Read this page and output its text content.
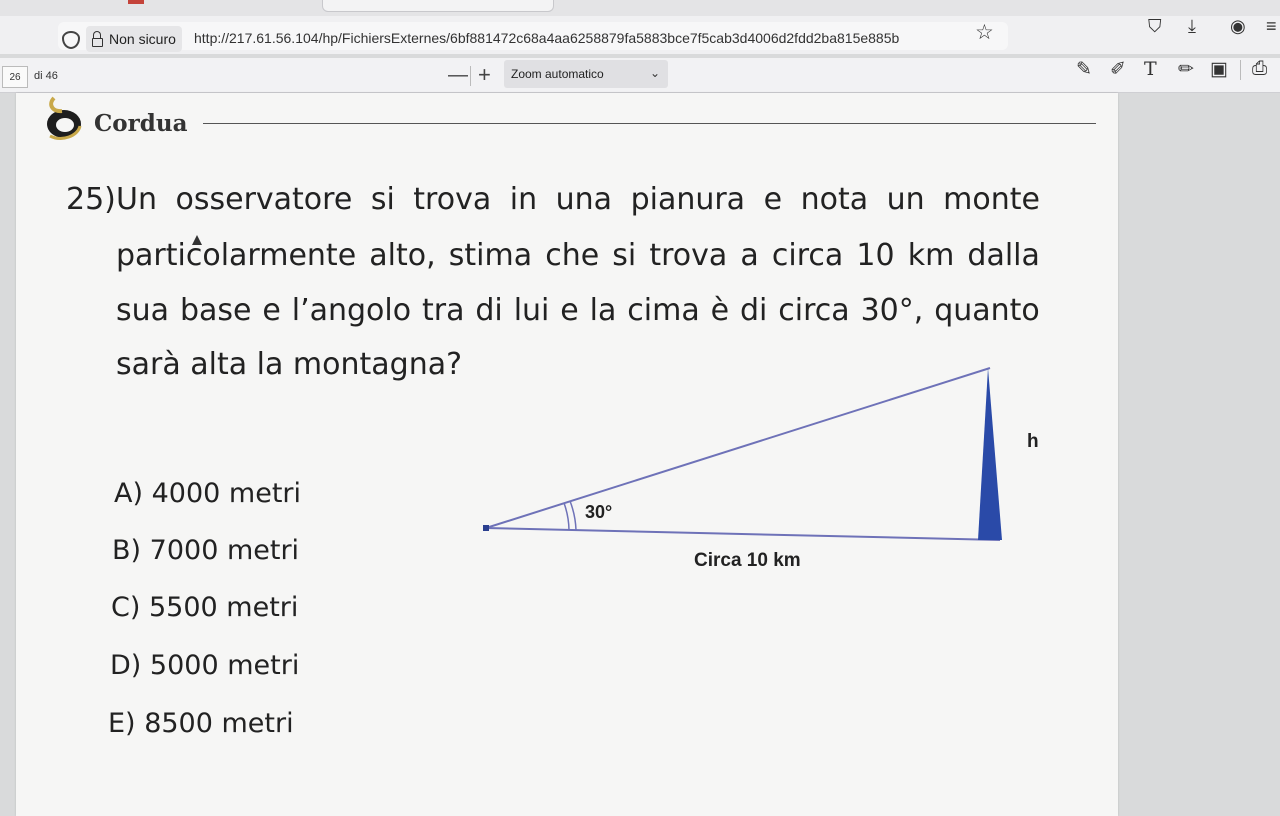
Non sicuro http://217.61.56.104/hp/FichiersExternes/6bf881472c68a4aa6258879fa5883bce7f5cab3d4006d2fdd2ba815e885b	☆	⛉ ⤓ ◉ ≡
26	di 46	— + Zoom automatico	⌄	✎ ✐ T ✏ ▣ ⎙
Cordua
25) Un osservatore si trova in una pianura e nota un monte
particolarmente alto, stima che si trova a circa 10 km dalla
sua base e l’angolo tra di lui e la cima è di circa 30°, quanto
sarà alta la montagna?
A) 4000 metri
B) 7000 metri
C) 5500 metri
D) 5000 metri
E) 8500 metri
30°
h
Circa 10 km
